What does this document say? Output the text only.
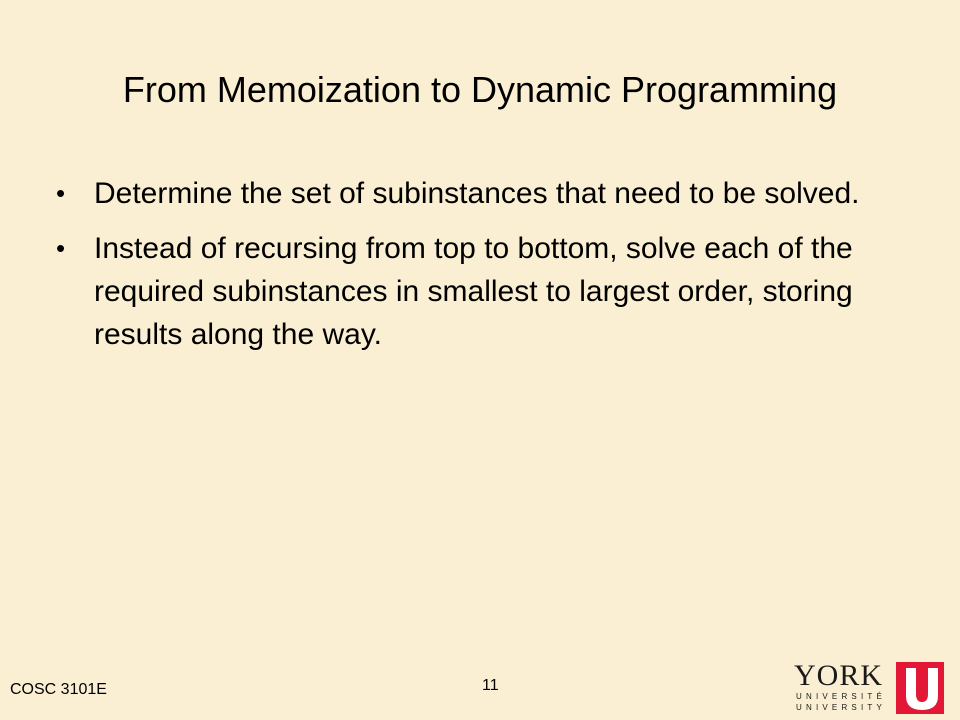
From Memoization to Dynamic Programming
• Determine the set of subinstances that need to be solved.
• Instead of recursing from top to bottom, solve each of the required subinstances in smallest to largest order, storing results along the way.
COSC 3101E	11	YORK
UNIVERSITÉ
UNIVERSITY
